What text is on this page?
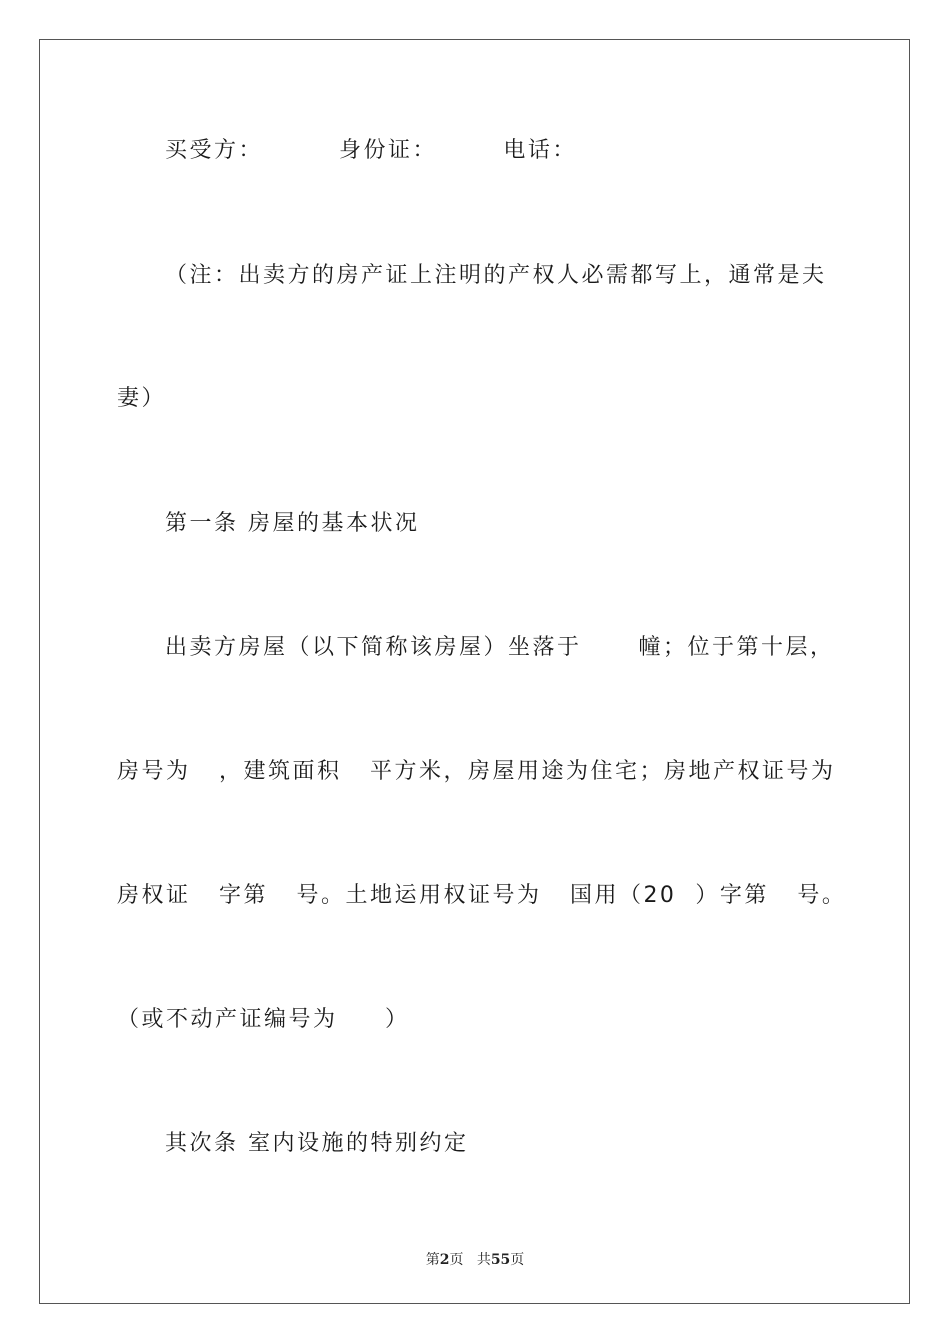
买受方：        身份证：       电话：
（注：出卖方的房产证上注明的产权人必需都写上，通常是夫
妻）
第一条 房屋的基本状况
出卖方房屋（以下简称该房屋）坐落于      幢；位于第十层，
房号为   ，建筑面积   平方米，房屋用途为住宅；房地产权证号为
房权证   字第   号。土地运用权证号为   国用（20  ）字第   号。
（或不动产证编号为     ）
其次条 室内设施的特别约定
第2页 共55页
